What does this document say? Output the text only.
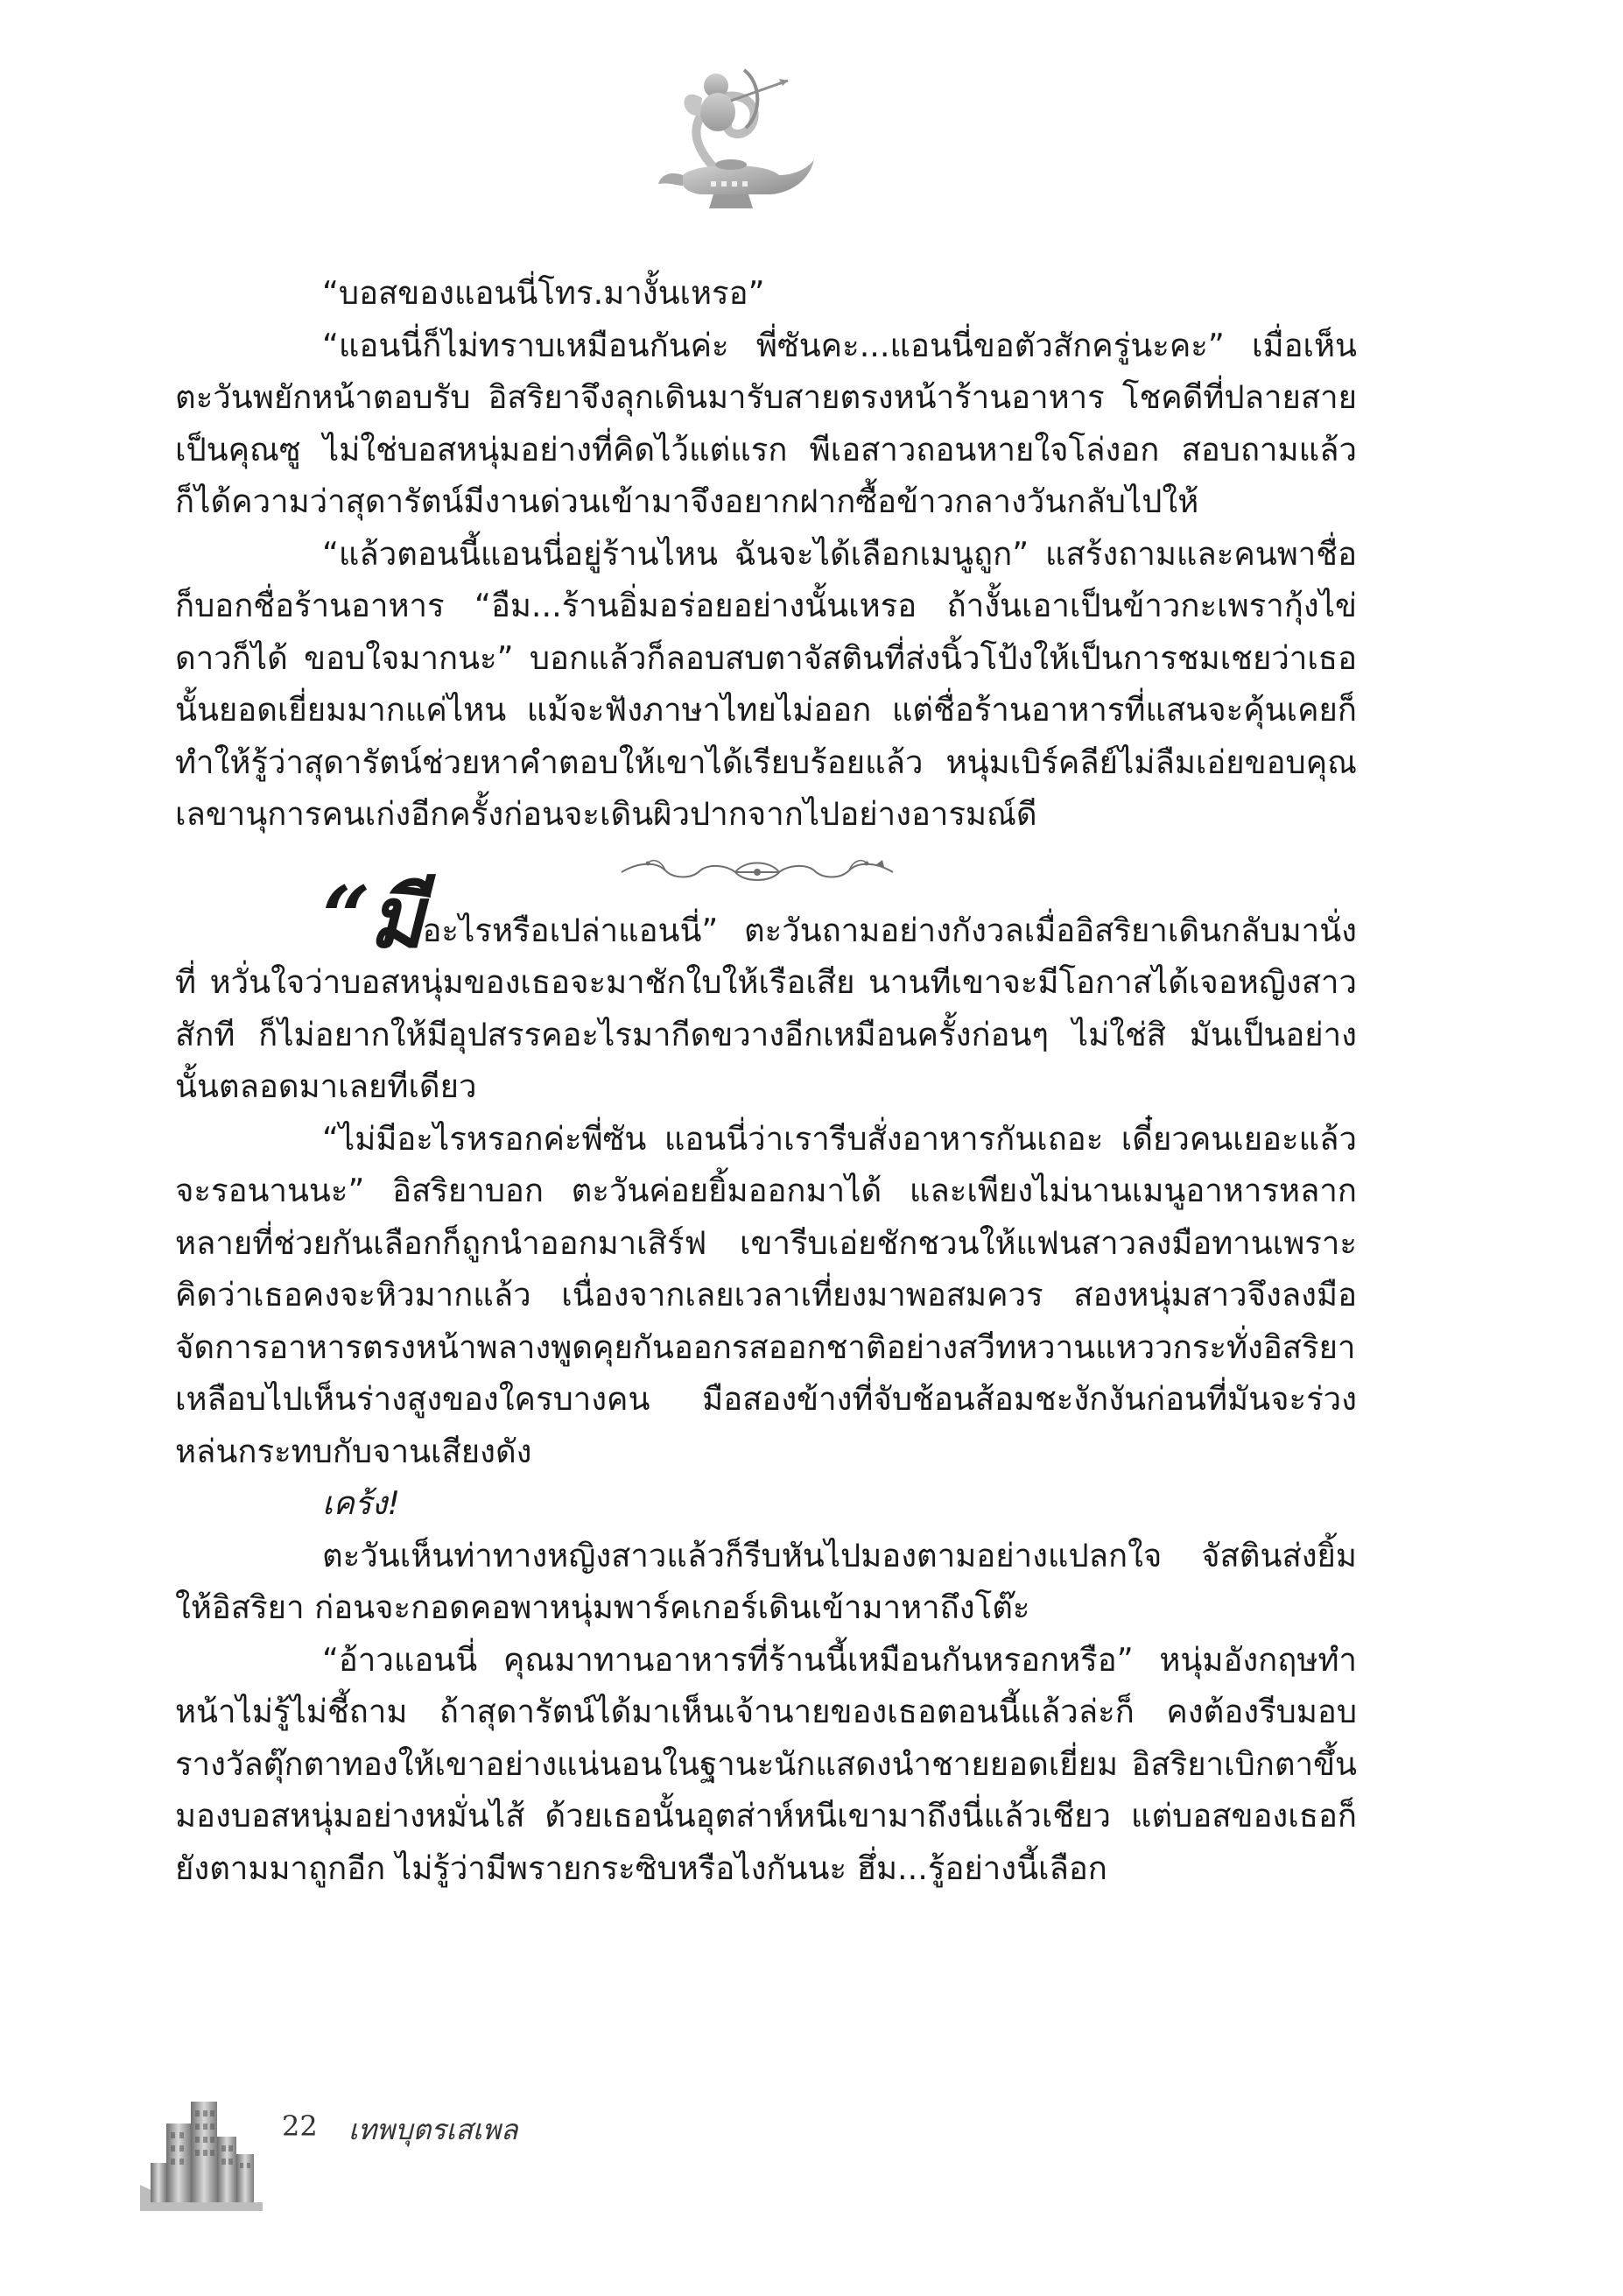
“บอสของแอนนี่โทร.มางั้นเหรอ”

“แอนนี่ก็ไม่ทราบเหมือนกันค่ะ พี่ซันคะ...แอนนี่ขอตัวสักครู่นะคะ” เมื่อเห็นตะวันพยักหน้าตอบรับ อิสริยาจึงลุกเดินมารับสายตรงหน้าร้านอาหาร โชคดีที่ปลายสายเป็นคุณซู ไม่ใช่บอสหนุ่มอย่างที่คิดไว้แต่แรก พีเอสาวถอนหายใจโล่งอก สอบถามแล้วก็ได้ความว่าสุดารัตน์มีงานด่วนเข้ามาจึงอยากฝากซื้อข้าวกลางวันกลับไปให้

“แล้วตอนนี้แอนนี่อยู่ร้านไหน ฉันจะได้เลือกเมนูถูก” แสร้งถามและคนพาชื่อก็บอกชื่อร้านอาหาร “อืม...ร้านอิ่มอร่อยอย่างนั้นเหรอ ถ้างั้นเอาเป็นข้าวกะเพรากุ้งไข่ดาวก็ได้ ขอบใจมากนะ” บอกแล้วก็ลอบสบตาจัสตินที่ส่งนิ้วโป้งให้เป็นการชมเชยว่าเธอนั้นยอดเยี่ยมมากแค่ไหน แม้จะฟังภาษาไทยไม่ออก แต่ชื่อร้านอาหารที่แสนจะคุ้นเคยก็ทำให้รู้ว่าสุดารัตน์ช่วยหาคำตอบให้เขาได้เรียบร้อยแล้ว หนุ่มเบิร์คลีย์ไม่ลืมเอ่ยขอบคุณเลขานุการคนเก่งอีกครั้งก่อนจะเดินผิวปากจากไปอย่างอารมณ์ดี

“มีอะไรหรือเปล่าแอนนี่” ตะวันถามอย่างกังวลเมื่ออิสริยาเดินกลับมานั่งที่ หวั่นใจว่าบอสหนุ่มของเธอจะมาชักใบให้เรือเสีย นานทีเขาจะมีโอกาสได้เจอหญิงสาวสักที ก็ไม่อยากให้มีอุปสรรคอะไรมากีดขวางอีกเหมือนครั้งก่อนๆ ไม่ใช่สิ มันเป็นอย่างนั้นตลอดมาเลยทีเดียว

“ไม่มีอะไรหรอกค่ะพี่ซัน แอนนี่ว่าเรารีบสั่งอาหารกันเถอะ เดี๋ยวคนเยอะแล้วจะรอนานนะ” อิสริยาบอก ตะวันค่อยยิ้มออกมาได้ และเพียงไม่นานเมนูอาหารหลากหลายที่ช่วยกันเลือกก็ถูกนำออกมาเสิร์ฟ เขารีบเอ่ยชักชวนให้แฟนสาวลงมือทานเพราะคิดว่าเธอคงจะหิวมากแล้ว เนื่องจากเลยเวลาเที่ยงมาพอสมควร สองหนุ่มสาวจึงลงมือจัดการอาหารตรงหน้าพลางพูดคุยกันออกรสออกชาติอย่างสวีทหวานแหววกระทั่งอิสริยาเหลือบไปเห็นร่างสูงของใครบางคน มือสองข้างที่จับช้อนส้อมชะงักงันก่อนที่มันจะร่วงหล่นกระทบกับจานเสียงดัง

เคร้ง!

ตะวันเห็นท่าทางหญิงสาวแล้วก็รีบหันไปมองตามอย่างแปลกใจ จัสตินส่งยิ้มให้อิสริยา ก่อนจะกอดคอพาหนุ่มพาร์คเกอร์เดินเข้ามาหาถึงโต๊ะ

“อ้าวแอนนี่ คุณมาทานอาหารที่ร้านนี้เหมือนกันหรอกหรือ” หนุ่มอังกฤษทำหน้าไม่รู้ไม่ชี้ถาม ถ้าสุดารัตน์ได้มาเห็นเจ้านายของเธอตอนนี้แล้วล่ะก็ คงต้องรีบมอบรางวัลตุ๊กตาทองให้เขาอย่างแน่นอนในฐานะนักแสดงนำชายยอดเยี่ยม อิสริยาเบิกตาขึ้นมองบอสหนุ่มอย่างหมั่นไส้ ด้วยเธอนั้นอุตส่าห์หนีเขามาถึงนี่แล้วเชียว แต่บอสของเธอก็ยังตามมาถูกอีก ไม่รู้ว่ามีพรายกระซิบหรือไงกันนะ ฮึ่ม...รู้อย่างนี้เลือก

22 เทพบุตรเสเพล
